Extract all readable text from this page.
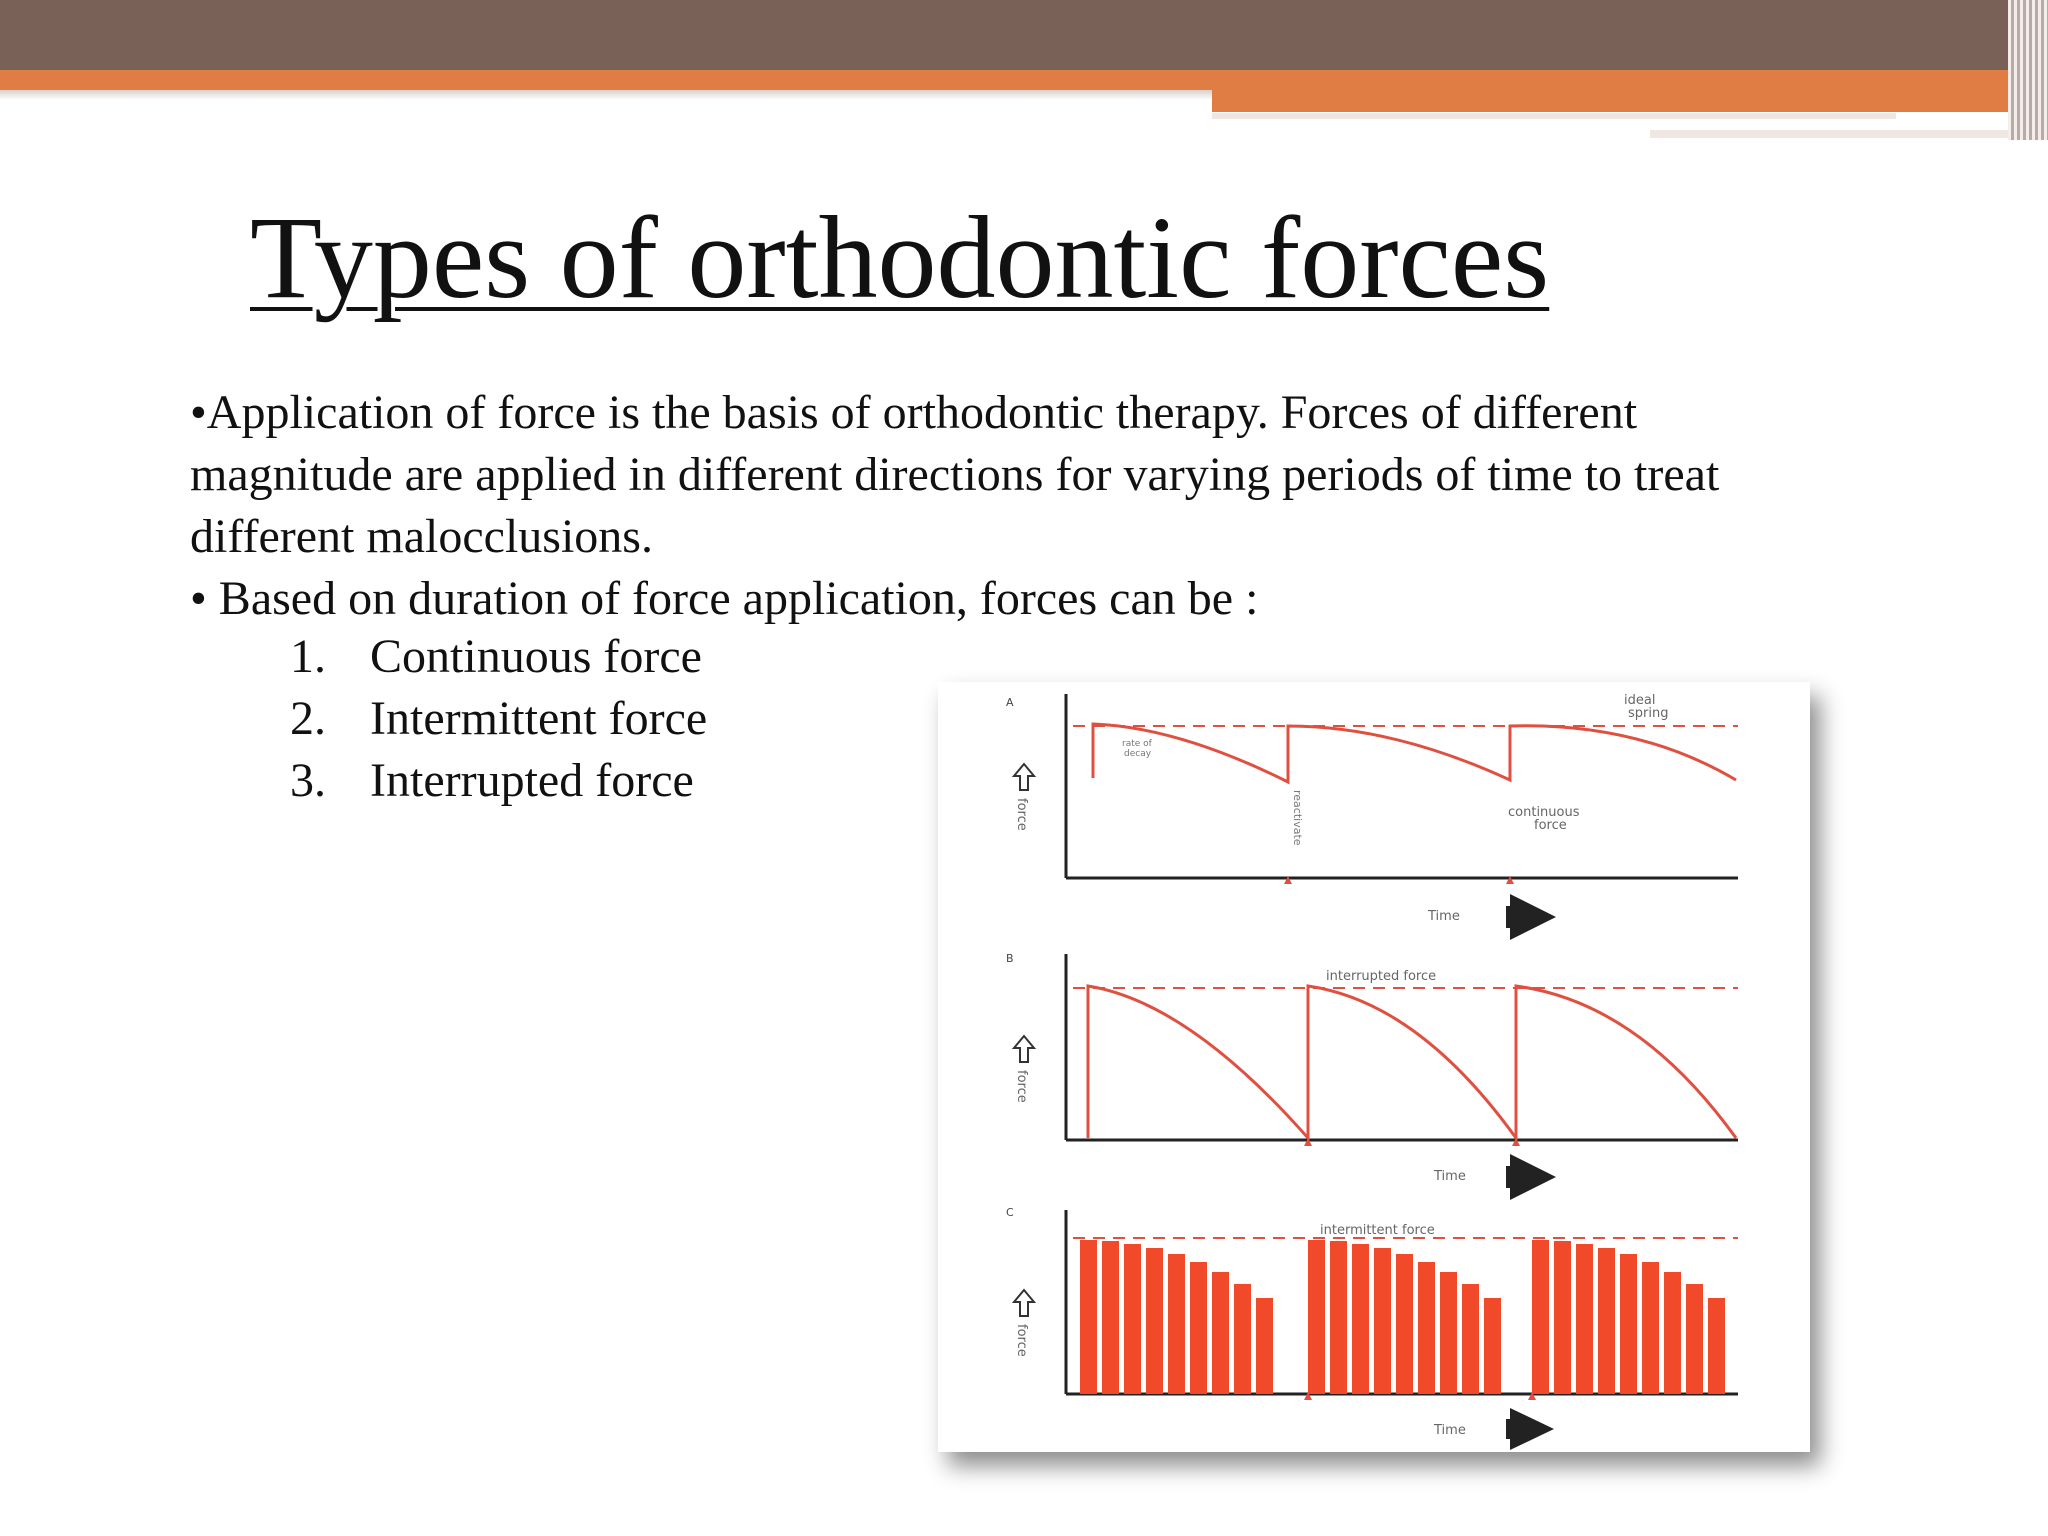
Types of orthodontic forces

•Application of force is the basis of orthodontic therapy. Forces of different magnitude are applied in different directions for varying periods of time to treat different malocclusions.

• Based on duration of force application, forces can be :

1. Continuous force
2. Intermittent force
3. Interrupted force
A	ideal
spring
rate of
decay
reactivate	continuous
force
force
Time
B
interrupted force
force
Time
C
intermittent force
force
Time
